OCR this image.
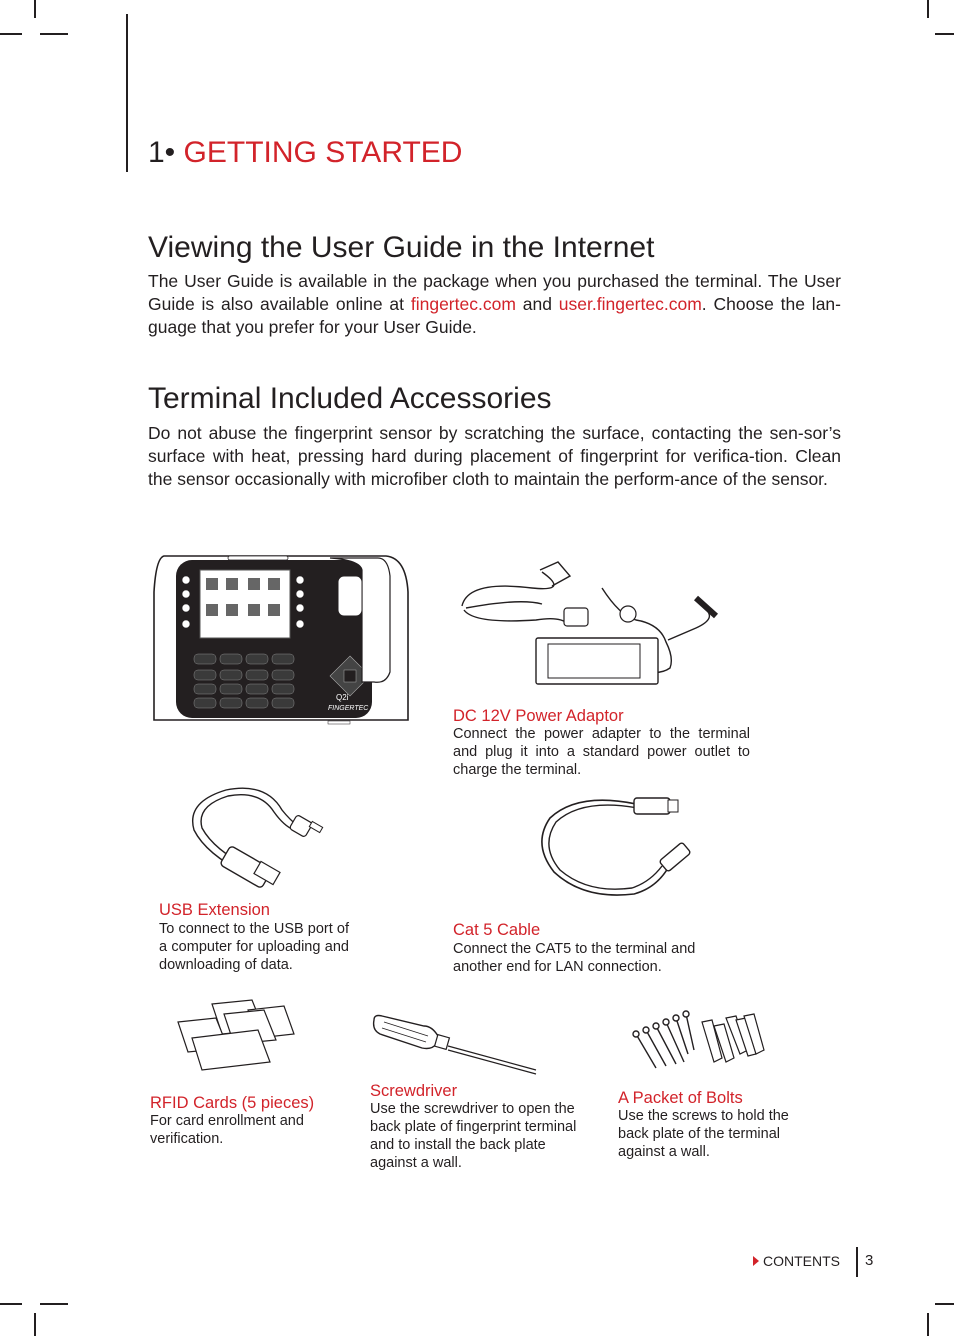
1• GETTING STARTED
Viewing the User Guide in the Internet
The User Guide is available in the package when you purchased the terminal. The User Guide is also available online at fingertec.com and user.fingertec.com. Choose the lan-guage that you prefer for your User Guide.
Terminal Included Accessories
Do not abuse the fingerprint sensor by scratching the surface, contacting the sen-sor’s surface with heat, pressing hard during placement of fingerprint for verifica-tion. Clean the sensor occasionally with microfiber cloth to maintain the perform-ance of the sensor.
Q2i
FINGERTEC	DC 12V Power Adaptor
Connect the power adapter to the terminal and plug it into a standard power outlet to charge the terminal.
USB Extension
To connect to the USB port of a computer for uploading and downloading of data.
Cat 5 Cable
Connect the CAT5 to the terminal and another end for LAN connection.
RFID Cards (5 pieces)
For card enrollment and verification.
Screwdriver
Use the screwdriver to open the back plate of fingerprint terminal and to install the back plate against a wall.
A Packet of Bolts
Use the screws to hold the back plate of the terminal against a wall.
CONTENTS 3
